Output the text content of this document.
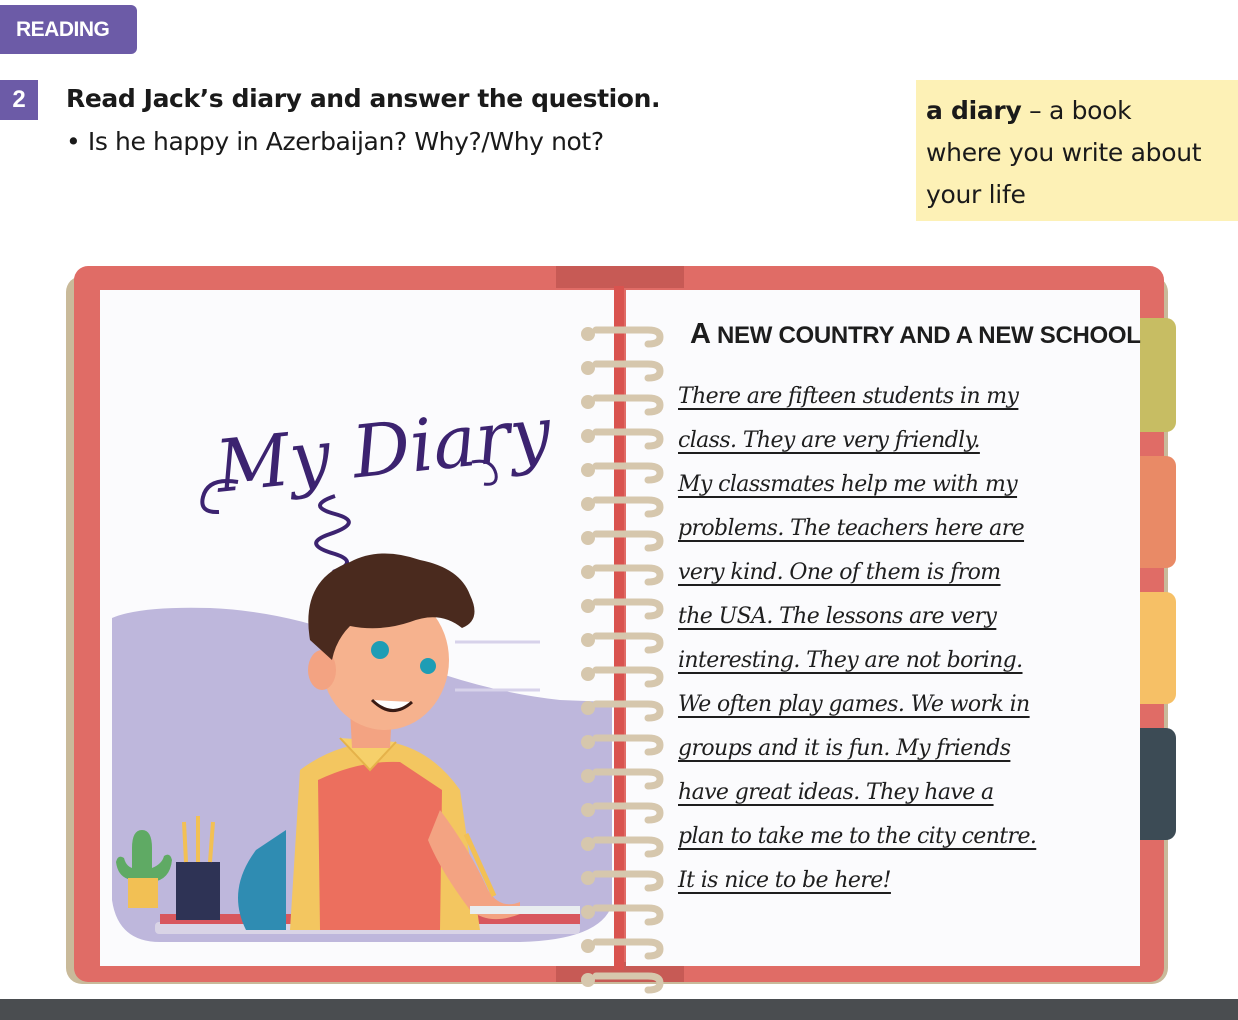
READING
2	Read Jack’s diary and answer the question.
• Is he happy in Azerbaijan? Why?/Why not?
a diary – a book
where you write about
your life
My Diary
A NEW COUNTRY AND A NEW SCHOOL
There are fifteen students in my
class. They are very friendly.
My classmates help me with my
problems. The teachers here are
very kind. One of them is from
the USA. The lessons are very
interesting. They are not boring.
We often play games. We work in
groups and it is fun. My friends
have great ideas. They have a
plan to take me to the city centre.
It is nice to be here!
